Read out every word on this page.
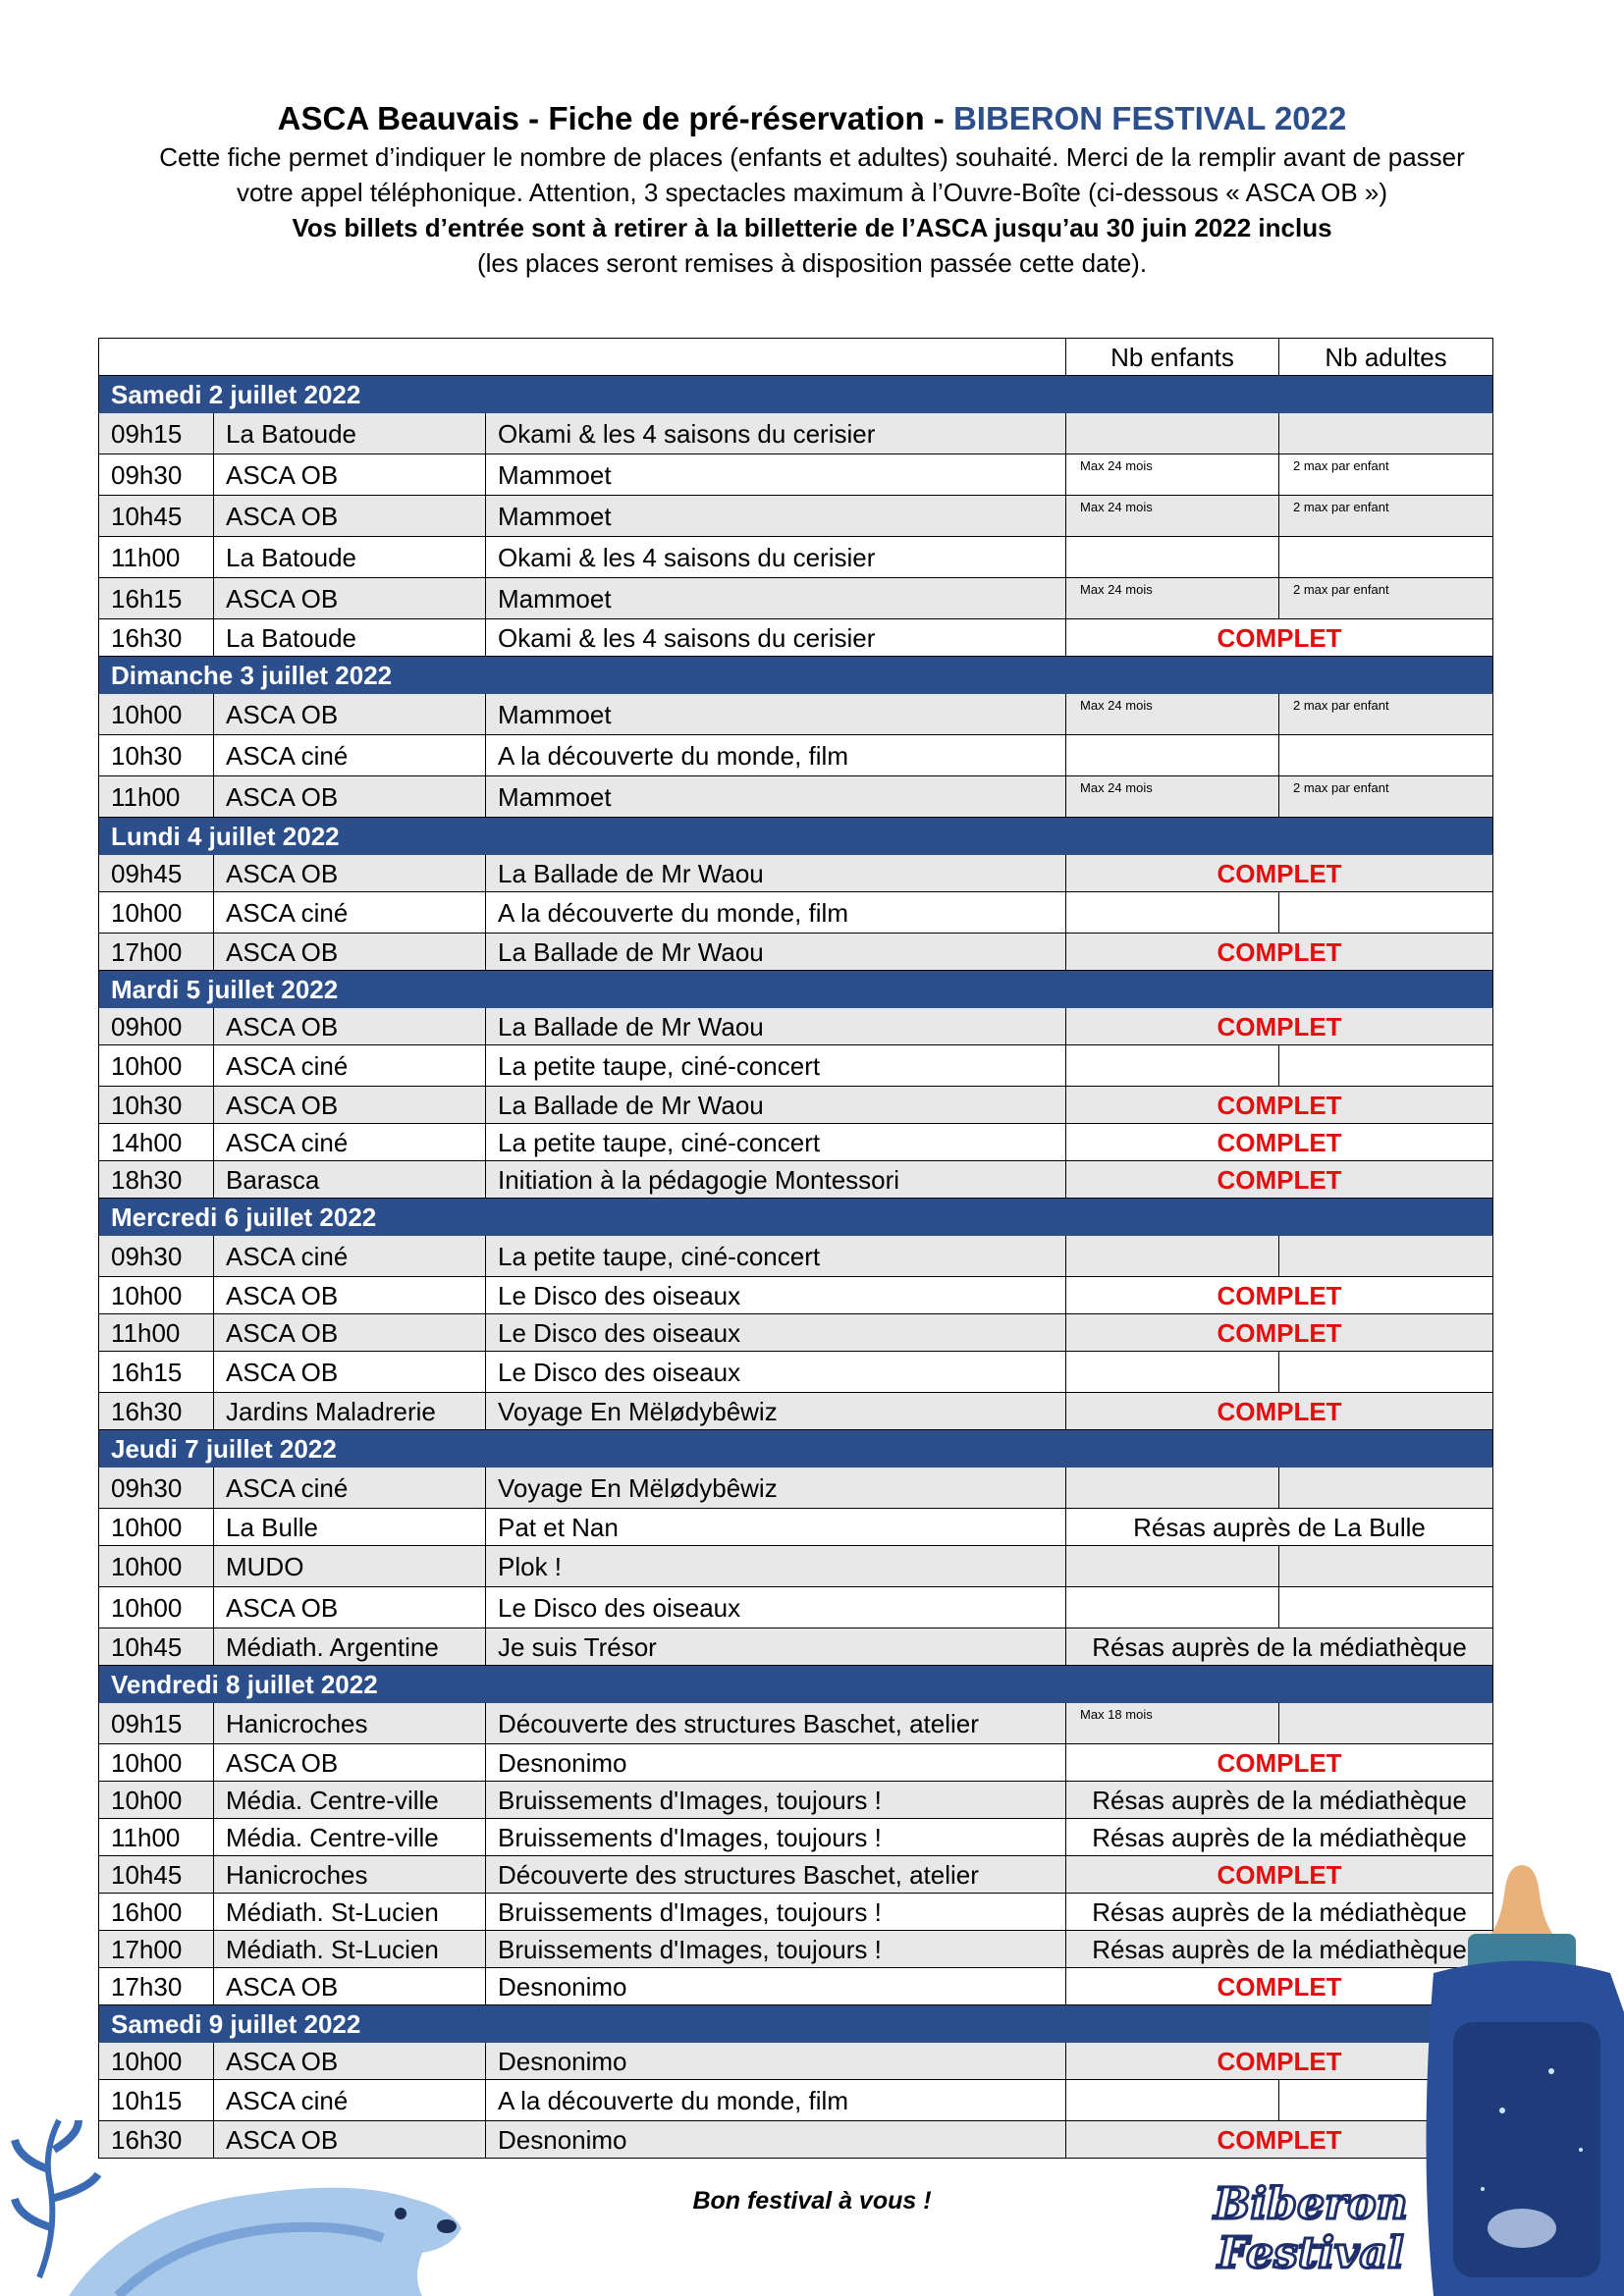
ASCA Beauvais - Fiche de pré-réservation - BIBERON FESTIVAL 2022
Cette fiche permet d’indiquer le nombre de places (enfants et adultes) souhaité. Merci de la remplir avant de passer
votre appel téléphonique. Attention, 3 spectacles maximum à l’Ouvre-Boîte (ci-dessous « ASCA OB »)
Vos billets d’entrée sont à retirer à la billetterie de l’ASCA jusqu’au 30 juin 2022 inclus
(les places seront remises à disposition passée cette date).
			Nb enfants	Nb adultes
Samedi 2 juillet 2022				
09h15	La Batoude	Okami & les 4 saisons du cerisier		
09h30	ASCA OB	Mammoet	Max 24 mois	2 max par enfant
10h45	ASCA OB	Mammoet	Max 24 mois	2 max par enfant
11h00	La Batoude	Okami & les 4 saisons du cerisier		
16h15	ASCA OB	Mammoet	Max 24 mois	2 max par enfant
16h30	La Batoude	Okami & les 4 saisons du cerisier	COMPLET	
Dimanche 3 juillet 2022				
10h00	ASCA OB	Mammoet	Max 24 mois	2 max par enfant
10h30	ASCA ciné	A la découverte du monde, film		
11h00	ASCA OB	Mammoet	Max 24 mois	2 max par enfant
Lundi 4 juillet 2022				
09h45	ASCA OB	La Ballade de Mr Waou	COMPLET	
10h00	ASCA ciné	A la découverte du monde, film		
17h00	ASCA OB	La Ballade de Mr Waou	COMPLET	
Mardi 5 juillet 2022				
09h00	ASCA OB	La Ballade de Mr Waou	COMPLET	
10h00	ASCA ciné	La petite taupe, ciné-concert		
10h30	ASCA OB	La Ballade de Mr Waou	COMPLET	
14h00	ASCA ciné	La petite taupe, ciné-concert	COMPLET	
18h30	Barasca	Initiation à la pédagogie Montessori	COMPLET	
Mercredi 6 juillet 2022				
09h30	ASCA ciné	La petite taupe, ciné-concert		
10h00	ASCA OB	Le Disco des oiseaux	COMPLET	
11h00	ASCA OB	Le Disco des oiseaux	COMPLET	
16h15	ASCA OB	Le Disco des oiseaux		
16h30	Jardins Maladrerie	Voyage En Mëlødybêwiz	COMPLET	
Jeudi 7 juillet 2022				
09h30	ASCA ciné	Voyage En Mëlødybêwiz		
10h00	La Bulle	Pat et Nan	Résas auprès de La Bulle	
10h00	MUDO	Plok !		
10h00	ASCA OB	Le Disco des oiseaux		
10h45	Médiath. Argentine	Je suis Trésor	Résas auprès de la médiathèque	
Vendredi 8 juillet 2022				
09h15	Hanicroches	Découverte des structures Baschet, atelier	Max 18 mois	
10h00	ASCA OB	Desnonimo	COMPLET	
10h00	Média. Centre-ville	Bruissements d'Images, toujours !	Résas auprès de la médiathèque	
11h00	Média. Centre-ville	Bruissements d'Images, toujours !	Résas auprès de la médiathèque	
10h45	Hanicroches	Découverte des structures Baschet, atelier	COMPLET	
16h00	Médiath. St-Lucien	Bruissements d'Images, toujours !	Résas auprès de la médiathèque	
17h00	Médiath. St-Lucien	Bruissements d'Images, toujours !	Résas auprès de la médiathèque	
17h30	ASCA OB	Desnonimo	COMPLET	
Samedi 9 juillet 2022				
10h00	ASCA OB	Desnonimo	COMPLET	
10h15	ASCA ciné	A la découverte du monde, film		
16h30	ASCA OB	Desnonimo	COMPLET	
Bon festival à vous !	Biberon
Festival
